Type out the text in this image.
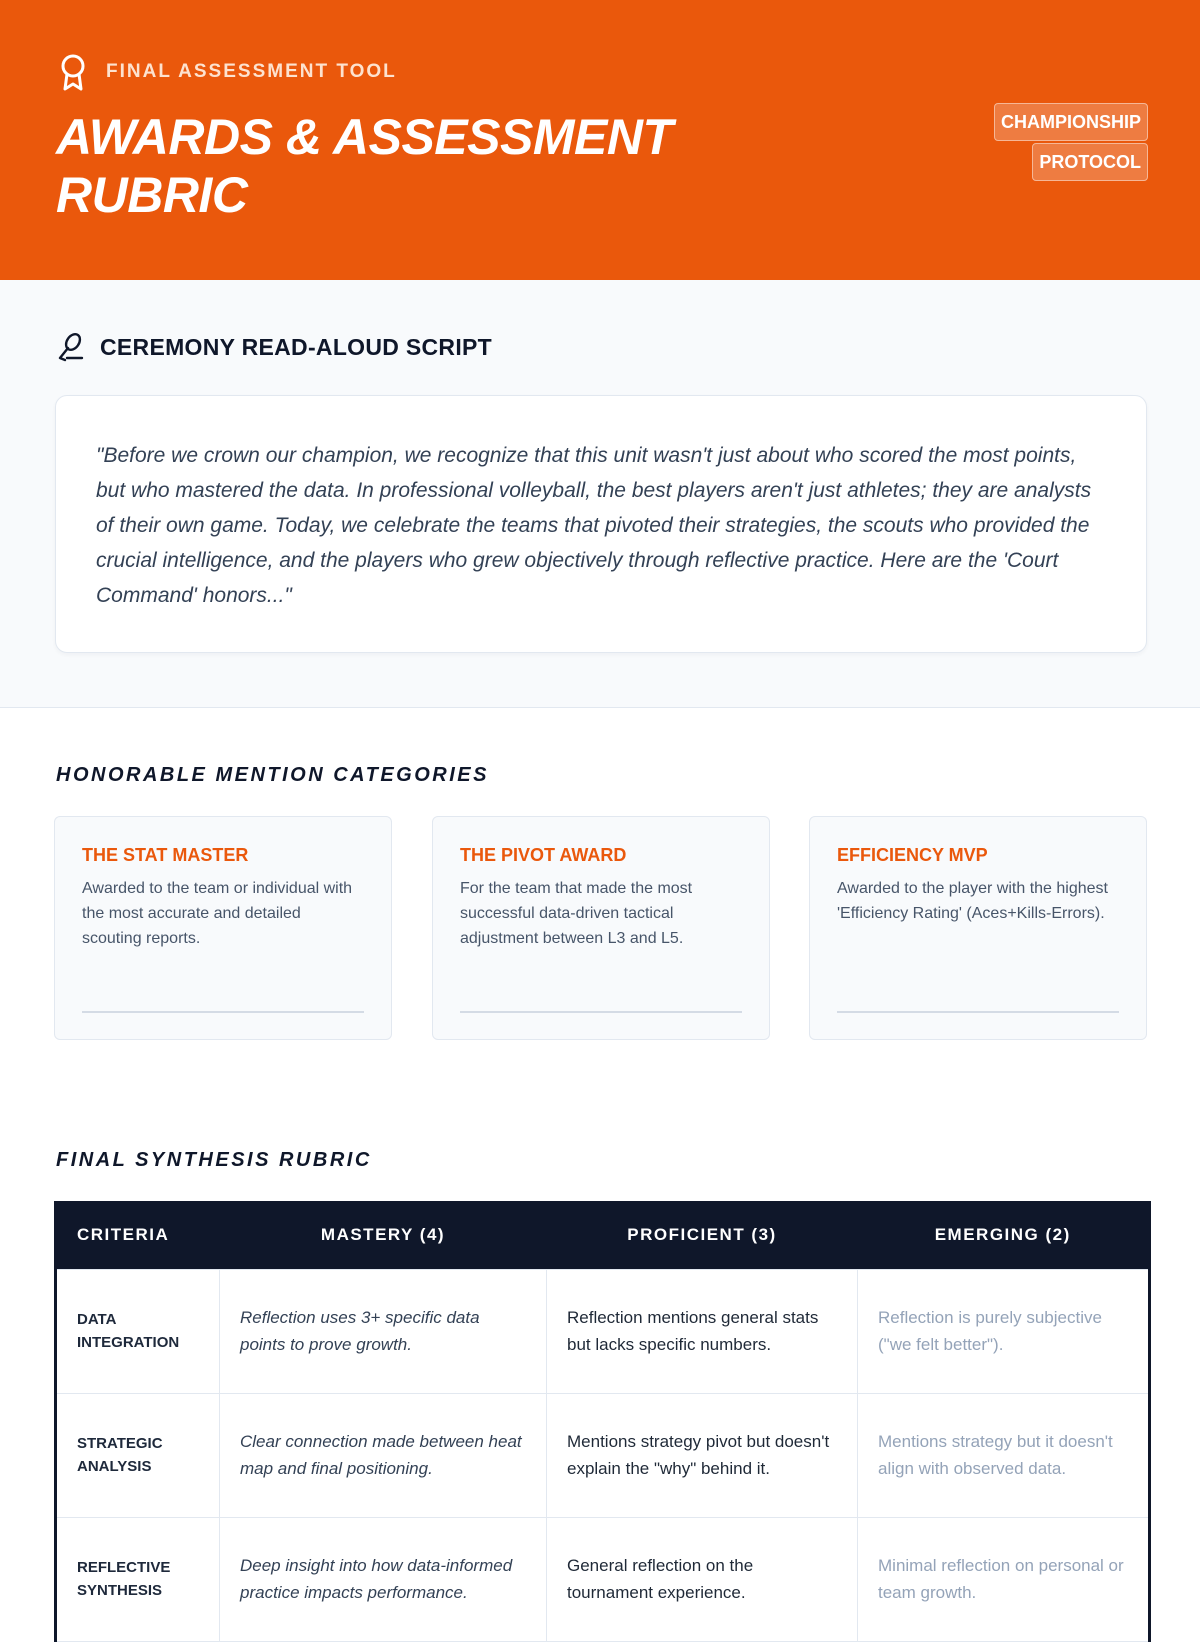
FINAL ASSESSMENT TOOL
AWARDS & ASSESSMENT RUBRIC
CHAMPIONSHIP PROTOCOL
CEREMONY READ-ALOUD SCRIPT

"Before we crown our champion, we recognize that this unit wasn't just about who scored the most points, but who mastered the data. In professional volleyball, the best players aren't just athletes; they are analysts of their own game. Today, we celebrate the teams that pivoted their strategies, the scouts who provided the crucial intelligence, and the players who grew objectively through reflective practice. Here are the 'Court Command' honors..."

HONORABLE MENTION CATEGORIES
THE STAT MASTER
Awarded to the team or individual with the most accurate and detailed scouting reports.
THE PIVOT AWARD
For the team that made the most successful data-driven tactical adjustment between L3 and L5.
EFFICIENCY MVP
Awarded to the player with the highest 'Efficiency Rating' (Aces+Kills-Errors).
FINAL SYNTHESIS RUBRIC
CRITERIA	MASTERY (4)	PROFICIENT (3)	EMERGING (2)
DATA INTEGRATION	Reflection uses 3+ specific data points to prove growth.	Reflection mentions general stats but lacks specific numbers.	Reflection is purely subjective ("we felt better").
STRATEGIC ANALYSIS	Clear connection made between heat map and final positioning.	Mentions strategy pivot but doesn't explain the "why" behind it.	Mentions strategy but it doesn't align with observed data.
REFLECTIVE SYNTHESIS	Deep insight into how data-informed practice impacts performance.	General reflection on the tournament experience.	Minimal reflection on personal or team growth.
